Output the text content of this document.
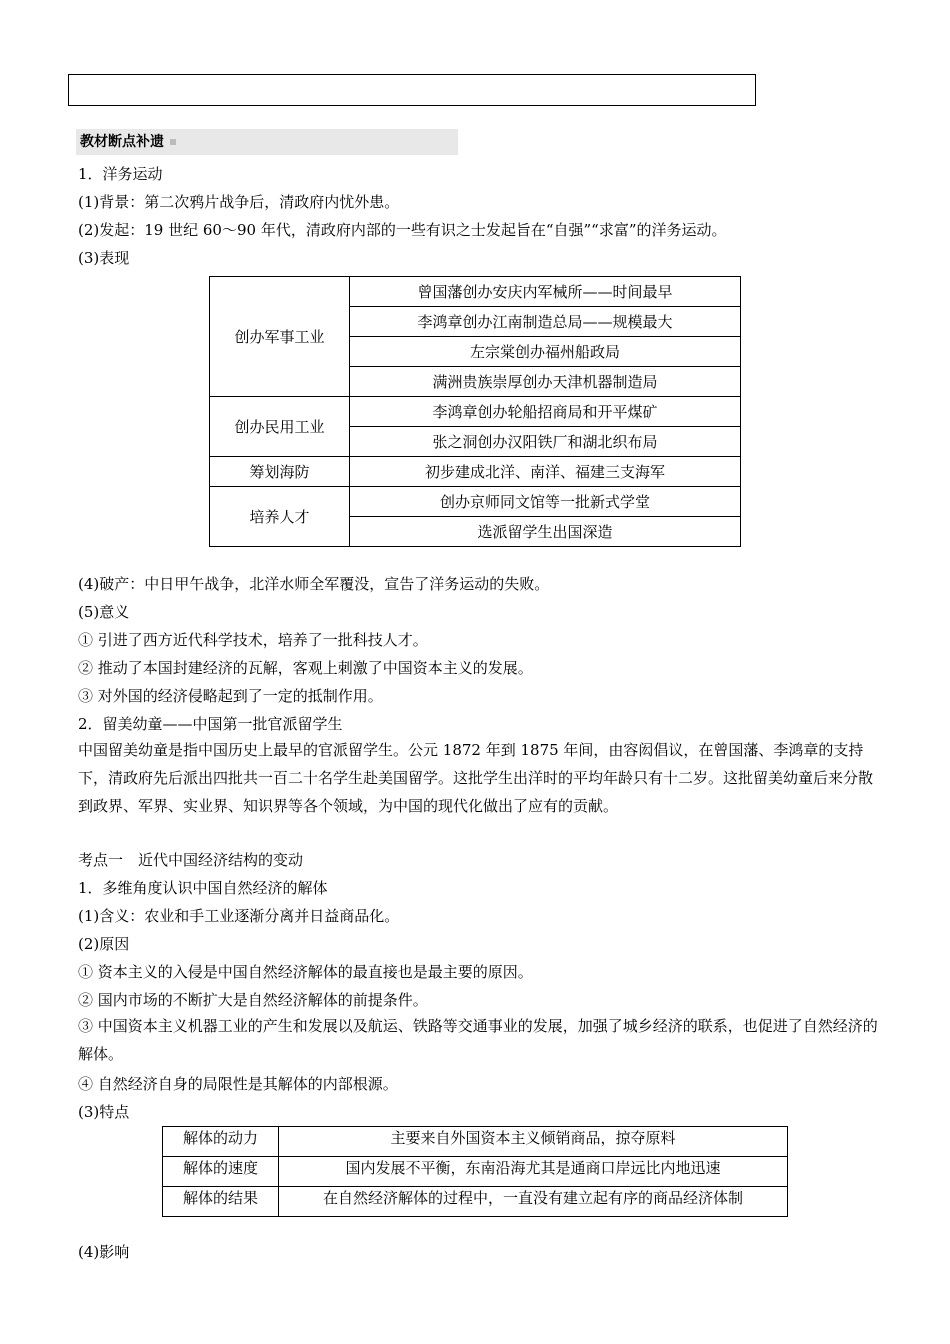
教材断点补遗
1．洋务运动
(1)背景：第二次鸦片战争后，清政府内忧外患。
(2)发起：19 世纪 60～90 年代，清政府内部的一些有识之士发起旨在“自强”“求富”的洋务运动。
(3)表现
创办军事工业	曾国藩创办安庆内军械所——时间最早
	李鸿章创办江南制造总局——规模最大
	左宗棠创办福州船政局
	满洲贵族崇厚创办天津机器制造局
创办民用工业	李鸿章创办轮船招商局和开平煤矿
	张之洞创办汉阳铁厂和湖北织布局
筹划海防	初步建成北洋、南洋、福建三支海军
培养人才	创办京师同文馆等一批新式学堂
	选派留学生出国深造
(4)破产：中日甲午战争，北洋水师全军覆没，宣告了洋务运动的失败。
(5)意义
① 引进了西方近代科学技术，培养了一批科技人才。
② 推动了本国封建经济的瓦解，客观上刺激了中国资本主义的发展。
③ 对外国的经济侵略起到了一定的抵制作用。
2．留美幼童——中国第一批官派留学生
中国留美幼童是指中国历史上最早的官派留学生。公元 1872 年到 1875 年间，由容闳倡议，在曾国藩、李鸿章的支持下，清政府先后派出四批共一百二十名学生赴美国留学。这批学生出洋时的平均年龄只有十二岁。这批留美幼童后来分散到政界、军界、实业界、知识界等各个领域，为中国的现代化做出了应有的贡献。
考点一　近代中国经济结构的变动
1．多维角度认识中国自然经济的解体
(1)含义：农业和手工业逐渐分离并日益商品化。
(2)原因
① 资本主义的入侵是中国自然经济解体的最直接也是最主要的原因。
② 国内市场的不断扩大是自然经济解体的前提条件。
③ 中国资本主义机器工业的产生和发展以及航运、铁路等交通事业的发展，加强了城乡经济的联系，也促进了自然经济的解体。
④ 自然经济自身的局限性是其解体的内部根源。
(3)特点
解体的动力	主要来自外国资本主义倾销商品，掠夺原料
解体的速度	国内发展不平衡，东南沿海尤其是通商口岸远比内地迅速
解体的结果	在自然经济解体的过程中，一直没有建立起有序的商品经济体制
(4)影响
